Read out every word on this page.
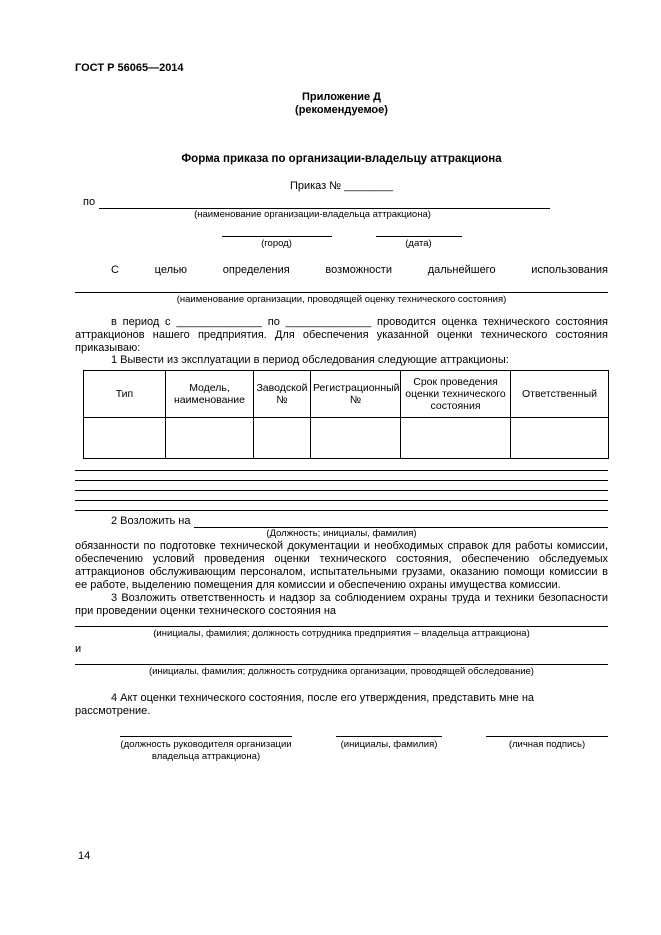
ГОСТ Р 56065—2014
Приложение Д
(рекомендуемое)
Форма приказа по организации-владельцу аттракциона
Приказ № ________
по
(наименование организации-владельца аттракциона)
(город)	(дата)
С целью определения возможности дальнейшего использования
(наименование организации, проводящей оценку технического состояния)
в период с ______________ по ______________ проводится оценка технического состояния аттракционов нашего предприятия. Для обеспечения указанной оценки технического состояния приказываю:
1 Вывести из эксплуатации в период обследования следующие аттракционы:
Тип	Модель, наименование	Заводской №	Регистрационный №	Срок проведения оценки технического состояния	Ответственный

2 Возложить на
(Должность; инициалы, фамилия)
обязанности по подготовке технической документации и необходимых справок для работы комиссии, обеспечению условий проведения оценки технического состояния, обеспечению обследуемых аттракционов обслуживающим персоналом, испытательными грузами, оказанию помощи комиссии в ее работе, выделению помещения для комиссии и обеспечению охраны имущества комиссии.
3 Возложить ответственность и надзор за соблюдением охраны труда и техники безопасности при проведении оценки технического состояния на
(инициалы, фамилия; должность сотрудника предприятия – владельца аттракциона)
и
(инициалы, фамилия; должность сотрудника организации, проводящей обследование)
4 Акт оценки технического состояния, после его утверждения, представить мне на рассмотрение.
(должность руководителя организации
владельца аттракциона)
(инициалы, фамилия)	(личная подпись)
14
